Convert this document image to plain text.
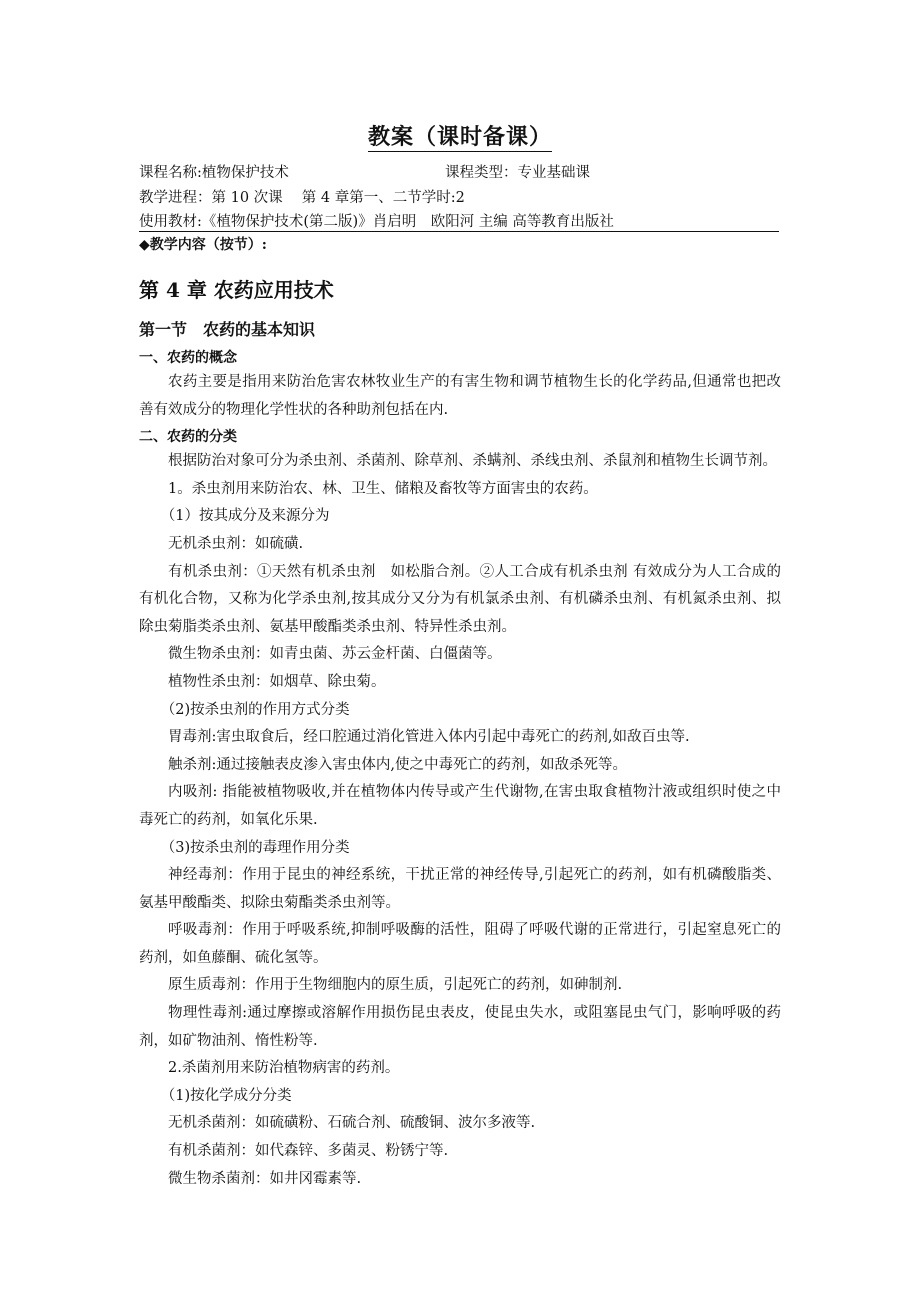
教案（课时备课）
课程名称:植物保护技术	课程类型：专业基础课
教学进程：第 10 次课　 第 4 章第一、二节学时:2
使用教材:《植物保护技术(第二版)》肖启明　欧阳河 主编 高等教育出版社
◆教学内容（按节）:
第 4 章 农药应用技术
第一节　农药的基本知识
一、农药的概念

农药主要是指用来防治危害农林牧业生产的有害生物和调节植物生长的化学药品,但通常也把改善有效成分的物理化学性状的各种助剂包括在内.

二、农药的分类

根据防治对象可分为杀虫剂、杀菌剂、除草剂、杀螨剂、杀线虫剂、杀鼠剂和植物生长调节剂。

1。杀虫剂用来防治农、林、卫生、储粮及畜牧等方面害虫的农药。

（1）按其成分及来源分为

无机杀虫剂：如硫磺.

有机杀虫剂：①天然有机杀虫剂　如松脂合剂。②人工合成有机杀虫剂 有效成分为人工合成的有机化合物，又称为化学杀虫剂,按其成分又分为有机氯杀虫剂、有机磷杀虫剂、有机氮杀虫剂、拟除虫菊脂类杀虫剂、氨基甲酸酯类杀虫剂、特异性杀虫剂。

微生物杀虫剂：如青虫菌、苏云金杆菌、白僵菌等。

植物性杀虫剂：如烟草、除虫菊。

（2)按杀虫剂的作用方式分类

胃毒剂:害虫取食后，经口腔通过消化管进入体内引起中毒死亡的药剂,如敌百虫等.

触杀剂:通过接触表皮渗入害虫体内,使之中毒死亡的药剂，如敌杀死等。

内吸剂: 指能被植物吸收,并在植物体内传导或产生代谢物,在害虫取食植物汁液或组织时使之中毒死亡的药剂，如氧化乐果.

（3)按杀虫剂的毒理作用分类

神经毒剂：作用于昆虫的神经系统，干扰正常的神经传导,引起死亡的药剂，如有机磷酸脂类、氨基甲酸酯类、拟除虫菊酯类杀虫剂等。

呼吸毒剂：作用于呼吸系统,抑制呼吸酶的活性，阻碍了呼吸代谢的正常进行，引起窒息死亡的药剂，如鱼藤酮、硫化氢等。

原生质毒剂：作用于生物细胞内的原生质，引起死亡的药剂，如砷制剂.

物理性毒剂:通过摩擦或溶解作用损伤昆虫表皮，使昆虫失水，或阻塞昆虫气门，影响呼吸的药剂，如矿物油剂、惰性粉等.

2.杀菌剂用来防治植物病害的药剂。

（1)按化学成分分类

无机杀菌剂：如硫磺粉、石硫合剂、硫酸铜、波尔多液等.

有机杀菌剂：如代森锌、多菌灵、粉锈宁等.

微生物杀菌剂：如井冈霉素等.
